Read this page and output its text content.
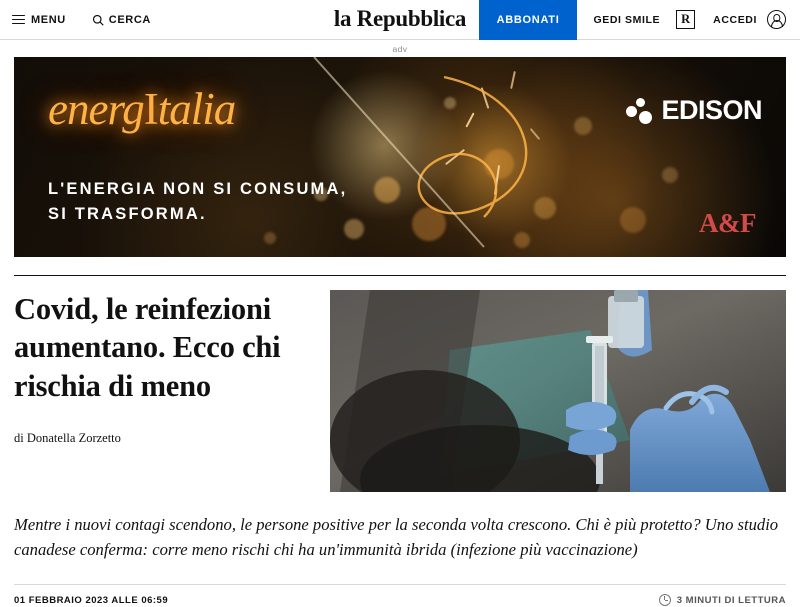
MENU	CERCA	la Repubblica	ABBONATI	GEDI SMILE	R	ACCEDI
adv
energItalia
L'ENERGIA NON SI CONSUMA,
SI TRASFORMA.
EDISON
A&F
Covid, le reinfezioni aumentano. Ecco chi rischia di meno
di Donatella Zorzetto
Mentre i nuovi contagi scendono, le persone positive per la seconda volta crescono. Chi è più protetto? Uno studio canadese conferma: corre meno rischi chi ha un'immunità ibrida (infezione più vaccinazione)
01 FEBBRAIO 2023 ALLE 06:59	3 MINUTI DI LETTURA
